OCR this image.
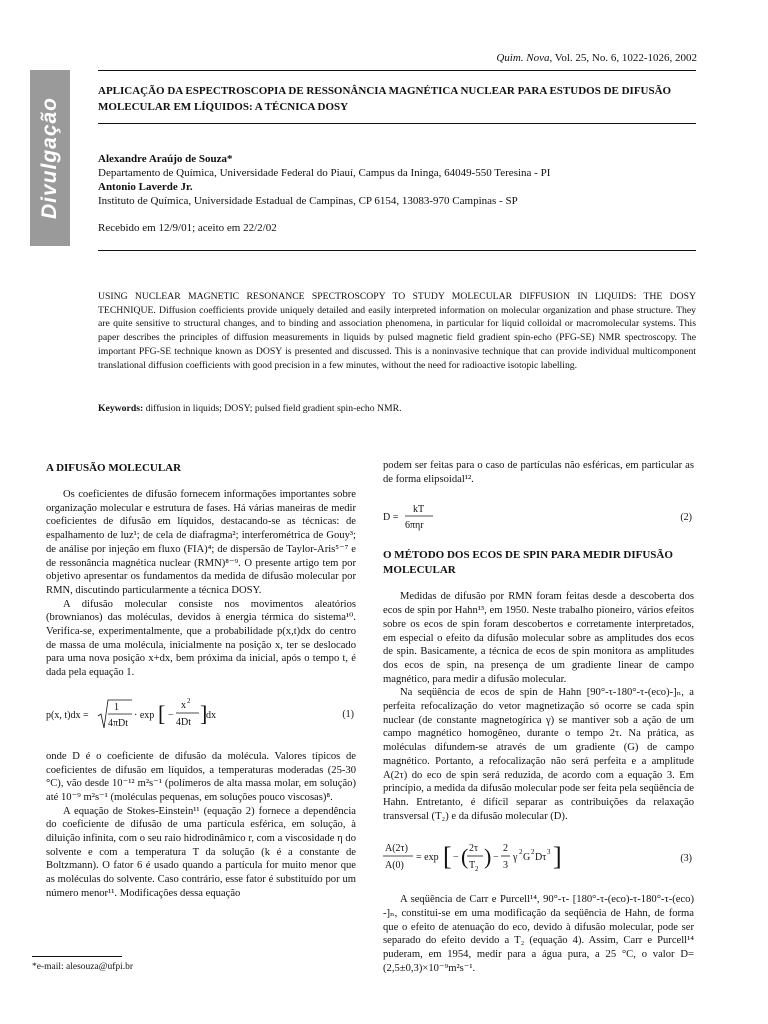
Divulgação
Quim. Nova, Vol. 25, No. 6, 1022-1026, 2002
APLICAÇÃO DA ESPECTROSCOPIA DE RESSONÂNCIA MAGNÉTICA NUCLEAR PARA ESTUDOS DE DIFUSÃO MOLECULAR EM LÍQUIDOS: A TÉCNICA DOSY
Alexandre Araújo de Souza*
Departamento de Química, Universidade Federal do Piauí, Campus da Ininga, 64049-550 Teresina - PI
Antonio Laverde Jr.
Instituto de Química, Universidade Estadual de Campinas, CP 6154, 13083-970 Campinas - SP
Recebido em 12/9/01; aceito em 22/2/02
USING NUCLEAR MAGNETIC RESONANCE SPECTROSCOPY TO STUDY MOLECULAR DIFFUSION IN LIQUIDS: THE DOSY TECHNIQUE. Diffusion coefficients provide uniquely detailed and easily interpreted information on molecular organization and phase structure. They are quite sensitive to structural changes, and to binding and association phenomena, in particular for liquid colloidal or macromolecular systems. This paper describes the principles of diffusion measurements in liquids by pulsed magnetic field gradient spin-echo (PFG-SE) NMR spectroscopy. The important PFG-SE technique known as DOSY is presented and discussed. This is a noninvasive technique that can provide individual multicomponent translational diffusion coefficients with good precision in a few minutes, without the need for radioactive isotopic labelling.
Keywords: diffusion in liquids; DOSY; pulsed field gradient spin-echo NMR.
A DIFUSÃO MOLECULAR

Os coeficientes de difusão fornecem informações importantes sobre organização molecular e estrutura de fases. Há várias maneiras de medir coeficientes de difusão em líquidos, destacando-se as técnicas: de espalhamento de luz¹; de cela de diafragma²; interferométrica de Gouy³; de análise por injeção em fluxo (FIA)⁴; de dispersão de Taylor-Aris⁵⁻⁷ e de ressonância magnética nuclear (RMN)⁸⁻⁹. O presente artigo tem por objetivo apresentar os fundamentos da medida de difusão molecular por RMN, discutindo particularmente a técnica DOSY.

A difusão molecular consiste nos movimentos aleatórios (brownianos) das moléculas, devidos à energia térmica do sistema¹⁰. Verifica-se, experimentalmente, que a probabilidade p(x,t)dx do centro de massa de uma molécula, inicialmente na posição x, ter se deslocado para uma nova posição x+dx, bem próxima da inicial, após o tempo t, é dada pela equação 1.

p(x, t)dx =
1
4πDt
· exp [ −
x 2
4Dt ]
dx	(1)

onde D é o coeficiente de difusão da molécula. Valores típicos de coeficientes de difusão em líquidos, a temperaturas moderadas (25-30 °C), vão desde 10⁻¹² m²s⁻¹ (polímeros de alta massa molar, em solução) até 10⁻⁹ m²s⁻¹ (moléculas pequenas, em soluções pouco viscosas)⁸.

A equação de Stokes-Einstein¹¹ (equação 2) fornece a dependência do coeficiente de difusão de uma partícula esférica, em solução, à diluição infinita, com o seu raio hidrodinâmico r, com a viscosidade η do solvente e com a temperatura T da solução (k é a constante de Boltzmann). O fator 6 é usado quando a partícula for muito menor que as moléculas do solvente. Caso contrário, esse fator é substituído por um número menor¹¹. Modificações dessa equação

podem ser feitas para o caso de partículas não esféricas, em particular as de forma elipsoidal¹².

D =
kT
6πηr
(2)
O MÉTODO DOS ECOS DE SPIN PARA MEDIR DIFUSÃO MOLECULAR

Medidas de difusão por RMN foram feitas desde a descoberta dos ecos de spin por Hahn¹³, em 1950. Neste trabalho pioneiro, vários efeitos sobre os ecos de spin foram descobertos e corretamente interpretados, em especial o efeito da difusão molecular sobre as amplitudes dos ecos de spin. Basicamente, a técnica de ecos de spin monitora as amplitudes dos ecos de spin, na presença de um gradiente linear de campo magnético, para medir a difusão molecular.

Na seqüência de ecos de spin de Hahn [90°-τ-180°-τ-(eco)-]ₙ, a perfeita refocalização do vetor magnetização só ocorre se cada spin nuclear (de constante magnetogírica γ) se mantiver sob a ação de um campo magnético homogêneo, durante o tempo 2τ. Na prática, as moléculas difundem-se através de um gradiente (G) de campo magnético. Portanto, a refocalização não será perfeita e a amplitude A(2τ) do eco de spin será reduzida, de acordo com a equação 3. Em princípio, a medida da difusão molecular pode ser feita pela seqüência de Hahn. Entretanto, é difícil separar as contribuições da relaxação transversal (T₂) e da difusão molecular (D).

A(2τ)
A(0)
= exp [ − ( 2τ
T 2 ) −
2
3
γ 2 G 2 Dτ 3 ]	(3)

A seqüência de Carr e Purcell¹⁴, 90°-τ- [180°-τ-(eco)-τ-180°-τ-(eco) -]ₙ, constitui-se em uma modificação da seqüência de Hahn, de forma que o efeito de atenuação do eco, devido à difusão molecular, pode ser separado do efeito devido a T₂ (equação 4). Assim, Carr e Purcell¹⁴ puderam, em 1954, medir para a água pura, a 25 °C, o valor D=(2,5±0,3)×10⁻⁹m²s⁻¹.

*e-mail: alesouza@ufpi.br
